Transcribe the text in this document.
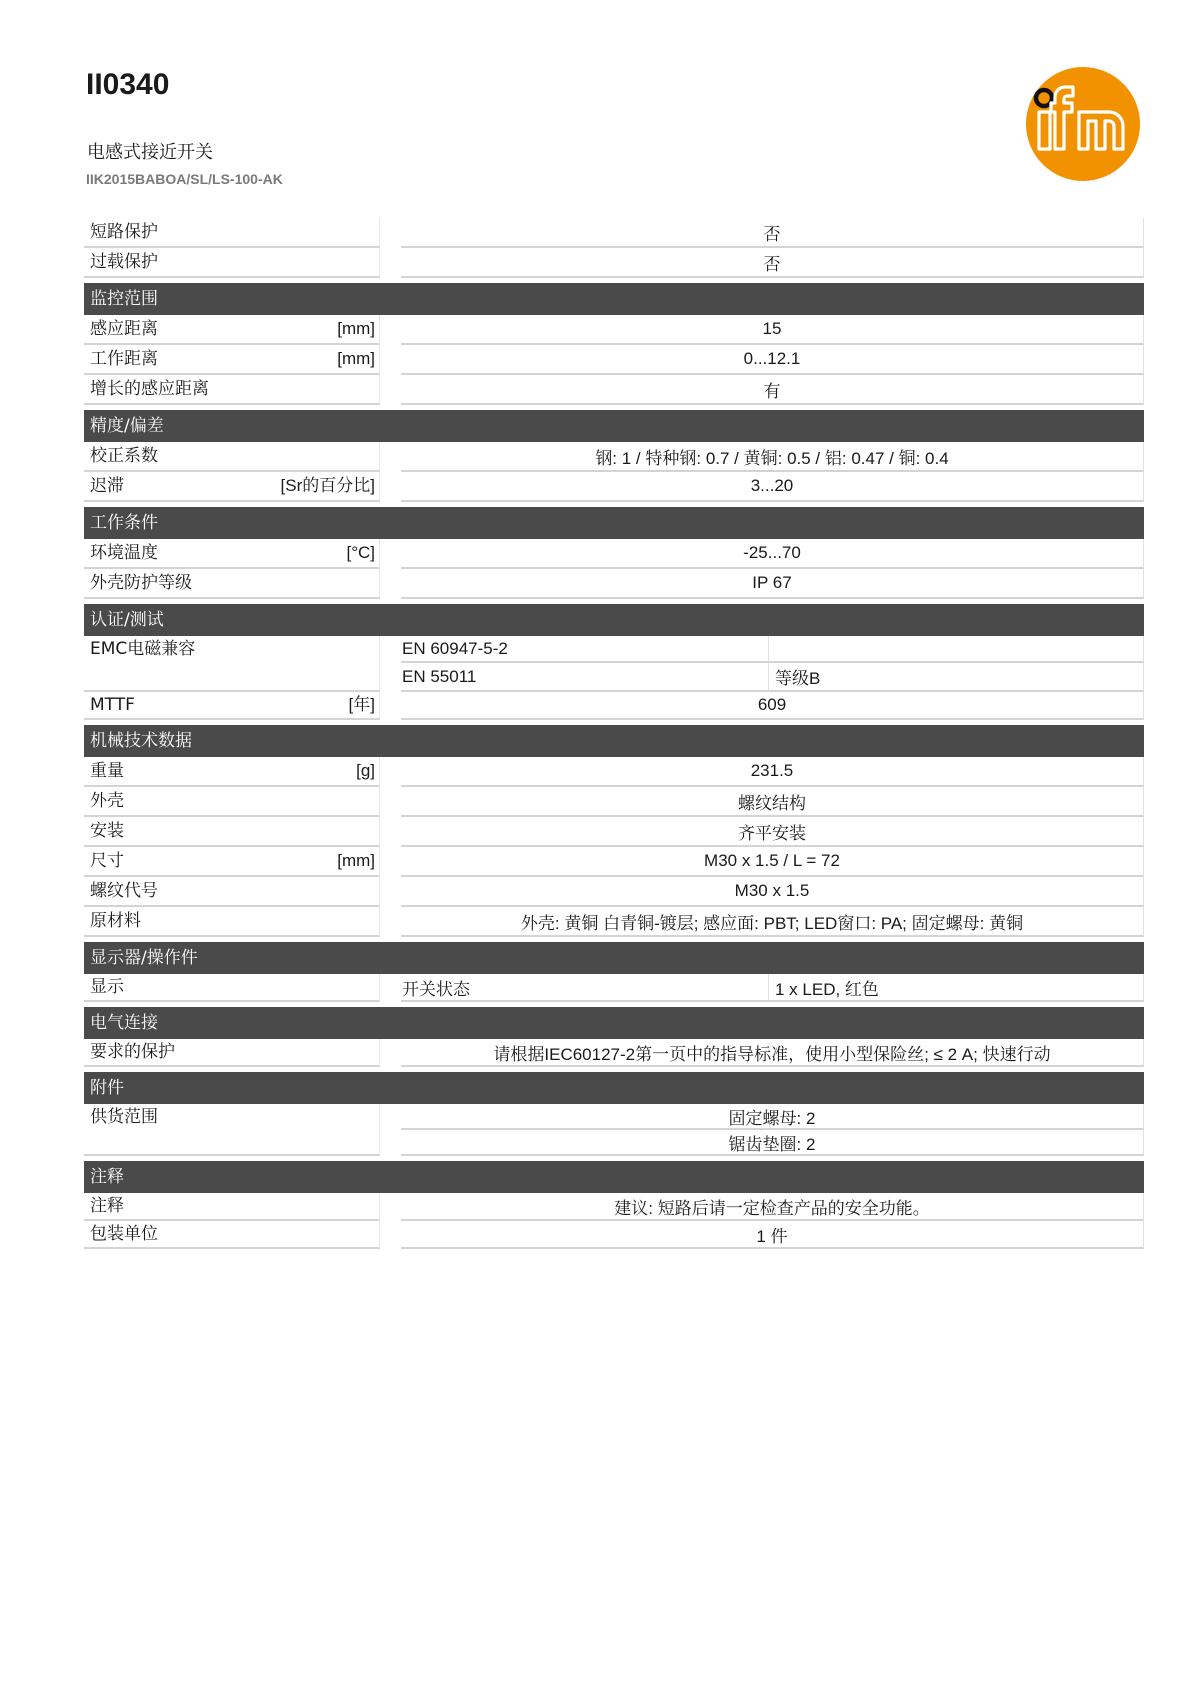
II0340
电感式接近开关
IIK2015BABOA/SL/LS-100-AK
短路保护	否
过载保护	否
监控范围
感应距离	[mm]	15
工作距离	[mm]	0...12.1
增长的感应距离	有
精度/偏差
校正系数	钢: 1 / 特种钢: 0.7 / 黄铜: 0.5 / 铝: 0.47 / 铜: 0.4
迟滞	[Sr的百分比]	3...20
工作条件
环境温度	[°C]	-25...70
外壳防护等级	IP 67
认证/测试
EMC电磁兼容	EN 60947-5-2
EN 55011	等级B
MTTF	[年]	609
机械技术数据
重量	[g]	231.5
外壳	螺纹结构
安装	齐平安装
尺寸	[mm]	M30 x 1.5 / L = 72
螺纹代号	M30 x 1.5
原材料	外壳: 黄铜 白青铜-镀层; 感应面: PBT; LED窗口: PA; 固定螺母: 黄铜
显示器/操作件
显示	开关状态	1 x LED, 红色
电气连接
要求的保护	请根据IEC60127-2第一页中的指导标准，使用小型保险丝; ≤ 2 A; 快速行动
附件
供货范围	固定螺母: 2
锯齿垫圈: 2
注释
注释	建议: 短路后请一定检查产品的安全功能。
包装单位	1 件
